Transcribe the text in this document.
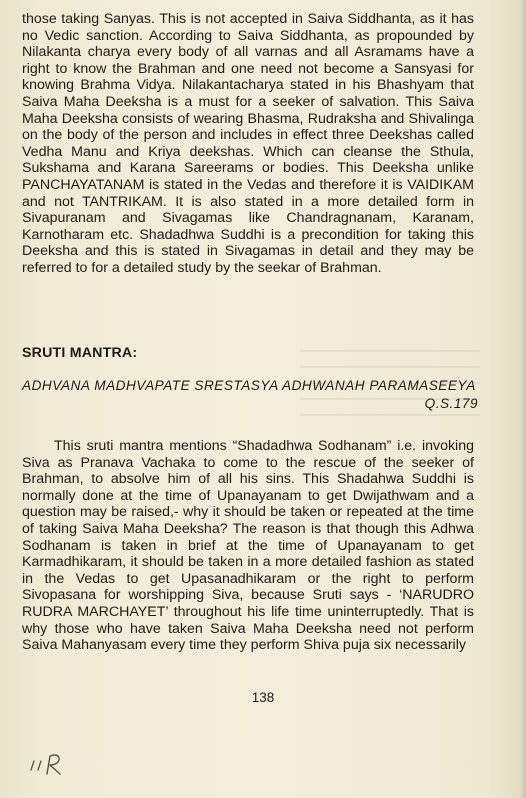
those taking Sanyas. This is not accepted in Saiva Siddhanta, as it has no Vedic sanction. According to Saiva Siddhanta, as propounded by Nilakanta charya every body of all varnas and all Asramams have a right to know the Brahman and one need not become a Sansyasi for knowing Brahma Vidya. Nilakantacharya stated in his Bhashyam that Saiva Maha Deeksha is a must for a seeker of salvation. This Saiva Maha Deeksha consists of wearing Bhasma, Rudraksha and Shivalinga on the body of the person and includes in effect three Deekshas called Vedha Manu and Kriya deekshas. Which can cleanse the Sthula, Sukshama and Karana Sareerams or bodies. This Deeksha unlike PANCHAYATANAM is stated in the Vedas and therefore it is VAIDIKAM and not TANTRIKAM. It is also stated in a more detailed form in Sivapuranam and Sivagamas like Chandragnanam, Karanam, Karnotharam etc. Shadadhwa Suddhi is a precondition for taking this Deeksha and this is stated in Sivagamas in detail and they may be referred to for a detailed study by the seekar of Brahman.

SRUTI MANTRA:

ADHVANA MADHVAPATE SRESTASYA ADHWANAH PARAMASEEYA

Q.S.179

This sruti mantra mentions “Shadadhwa Sodhanam” i.e. invoking Siva as Pranava Vachaka to come to the rescue of the seeker of Brahman, to absolve him of all his sins. This Shadahwa Suddhi is normally done at the time of Upanayanam to get Dwijathwam and a question may be raised,- why it should be taken or repeated at the time of taking Saiva Maha Deeksha? The reason is that though this Adhwa Sodhanam is taken in brief at the time of Upanayanam to get Karmadhikaram, it should be taken in a more detailed fashion as stated in the Vedas to get Upasanadhikaram or the right to perform Sivopasana for worshipping Siva, because Sruti says - ‘NARUDRO RUDRA MARCHAYET’ throughout his life time uninterruptedly. That is why those who have taken Saiva Maha Deeksha need not perform Saiva Mahanyasam every time they perform Shiva puja six necessarily

138
